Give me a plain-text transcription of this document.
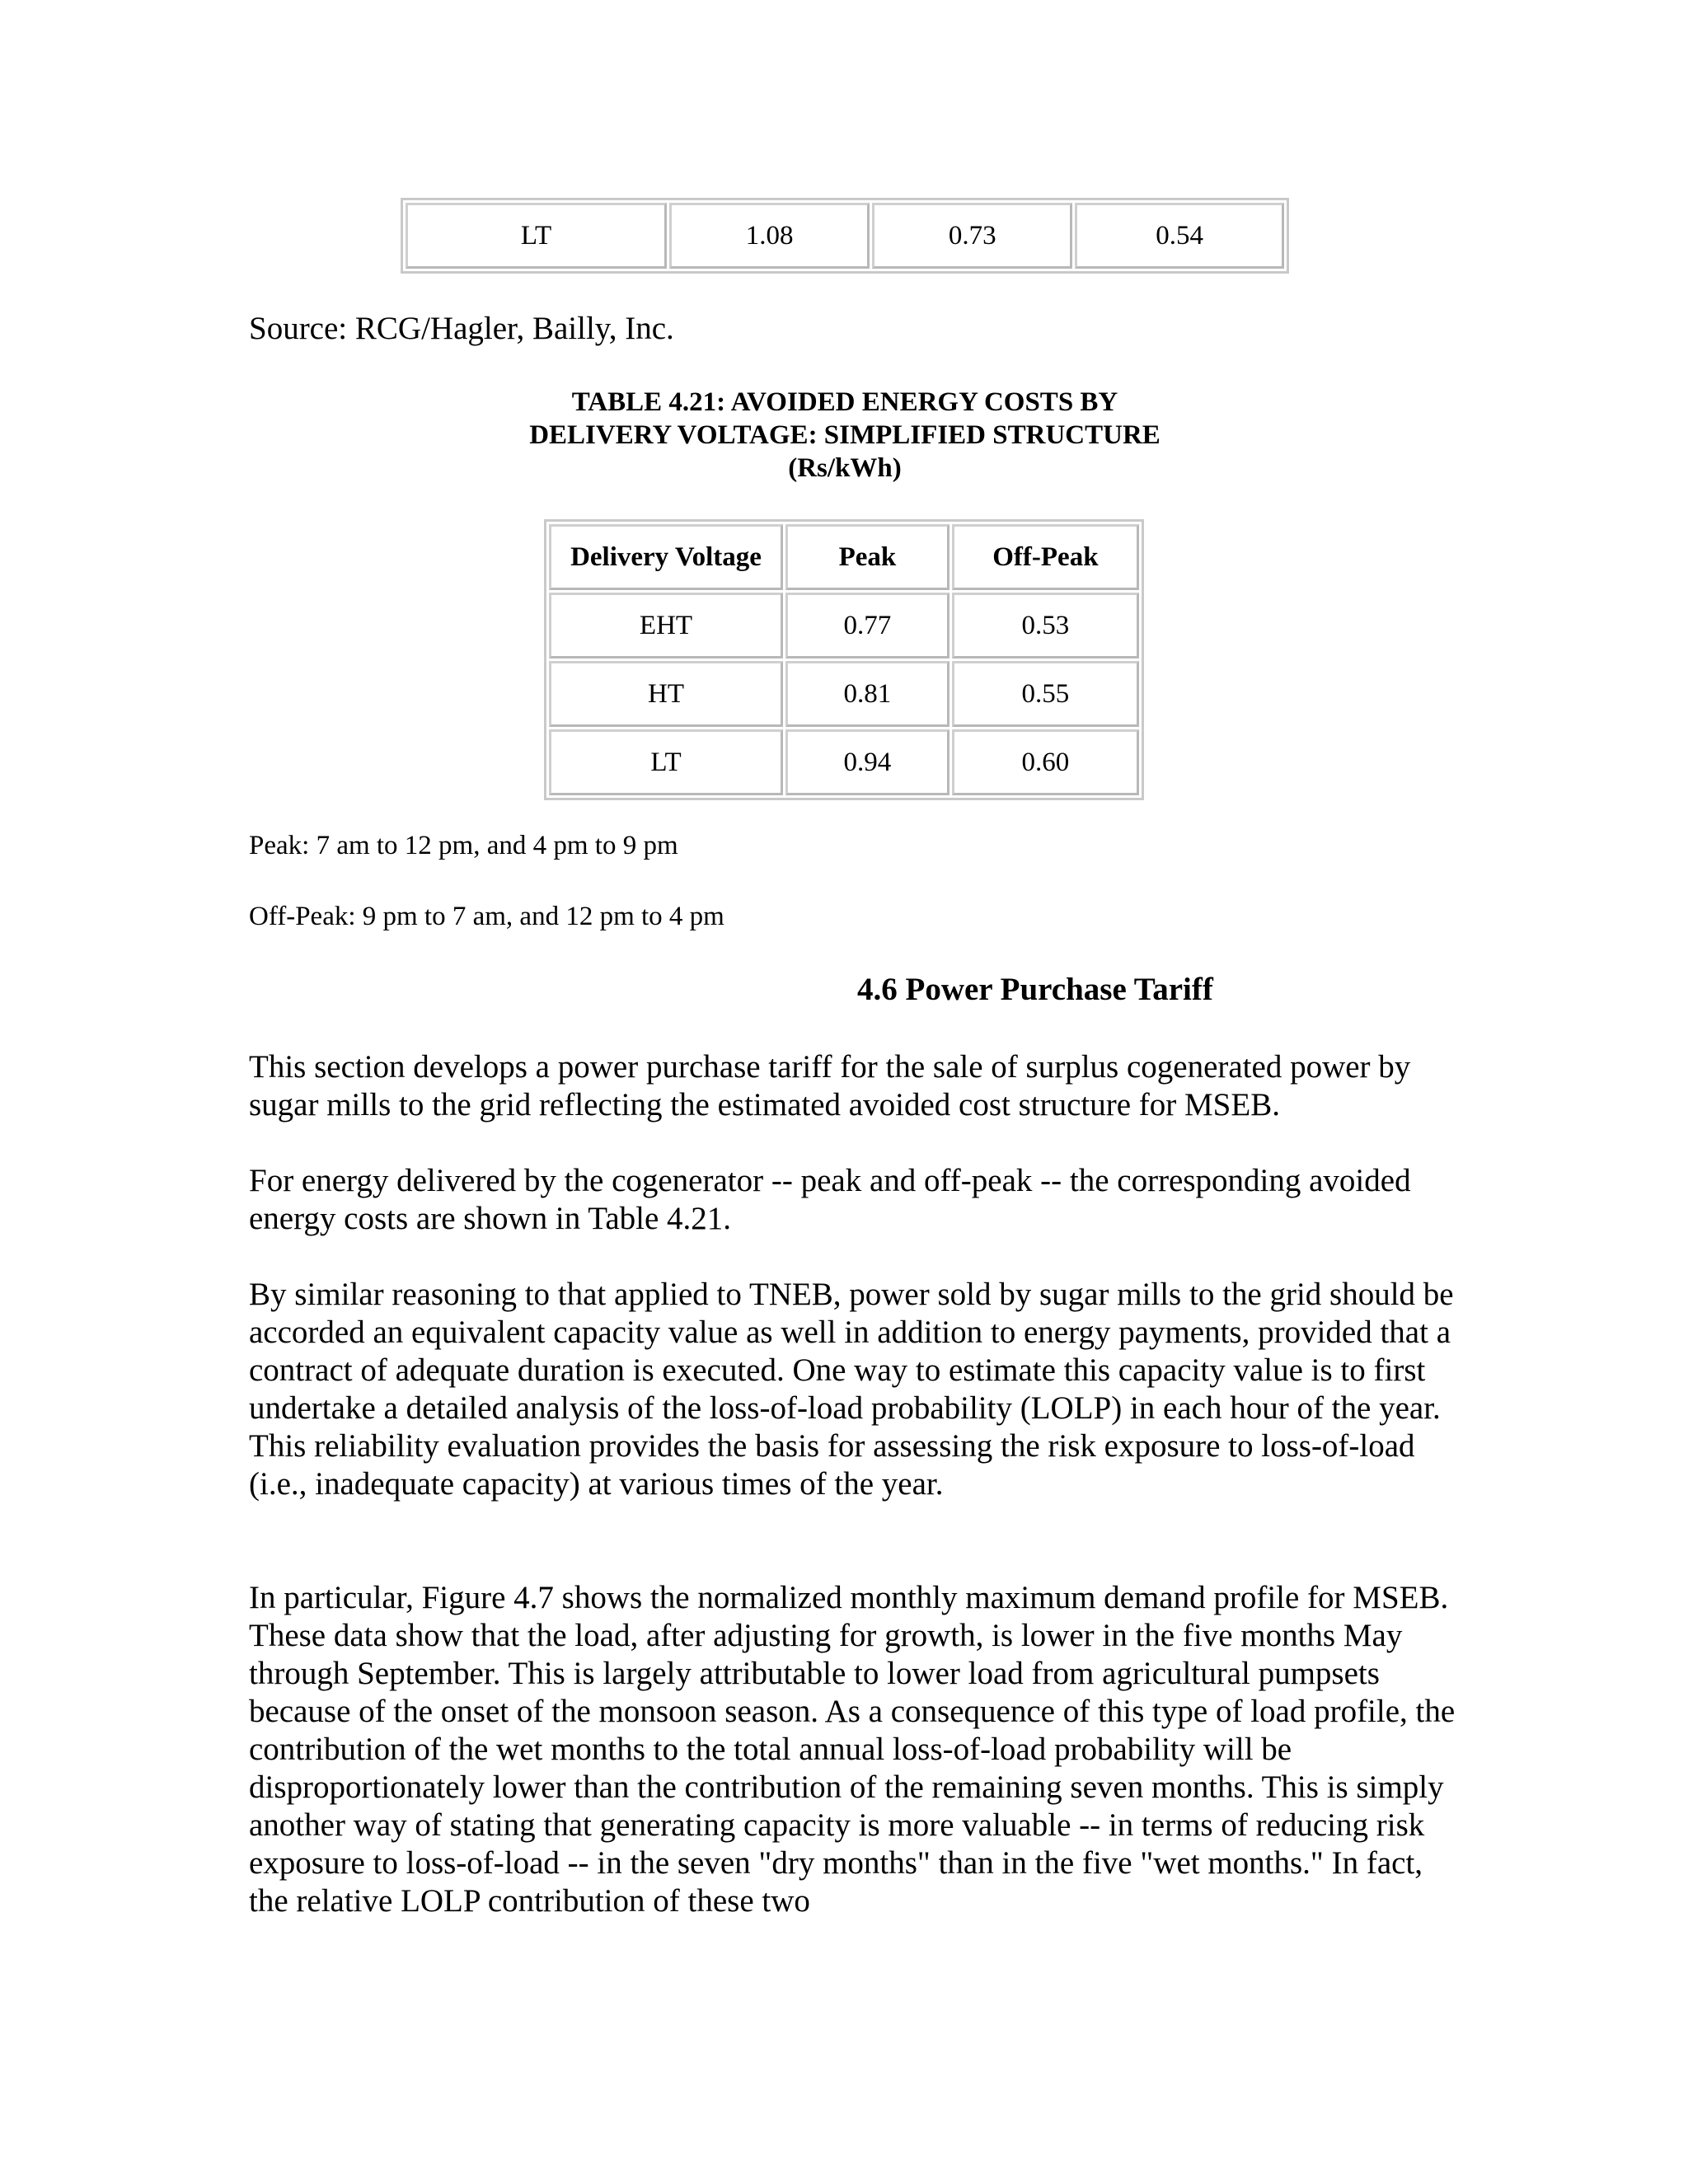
LT	1.08	0.73	0.54
Source: RCG/Hagler, Bailly, Inc.
TABLE 4.21: AVOIDED ENERGY COSTS BY
DELIVERY VOLTAGE: SIMPLIFIED STRUCTURE
(Rs/kWh)
Delivery Voltage	Peak	Off-Peak
EHT	0.77	0.53
HT	0.81	0.55
LT	0.94	0.60
Peak: 7 am to 12 pm, and 4 pm to 9 pm
Off-Peak: 9 pm to 7 am, and 12 pm to 4 pm
4.6 Power Purchase Tariff

This section develops a power purchase tariff for the sale of surplus cogenerated power by sugar mills to the grid reflecting the estimated avoided cost structure for MSEB.

For energy delivered by the cogenerator -- peak and off-peak -- the corresponding avoided energy costs are shown in Table 4.21.

By similar reasoning to that applied to TNEB, power sold by sugar mills to the grid should be accorded an equivalent capacity value as well in addition to energy payments, provided that a contract of adequate duration is executed. One way to estimate this capacity value is to first undertake a detailed analysis of the loss-of-load probability (LOLP) in each hour of the year. This reliability evaluation provides the basis for assessing the risk exposure to loss-of-load (i.e., inadequate capacity) at various times of the year.

In particular, Figure 4.7 shows the normalized monthly maximum demand profile for MSEB. These data show that the load, after adjusting for growth, is lower in the five months May through September. This is largely attributable to lower load from agricultural pumpsets because of the onset of the monsoon season. As a consequence of this type of load profile, the contribution of the wet months to the total annual loss-of-load probability will be disproportionately lower than the contribution of the remaining seven months. This is simply another way of stating that generating capacity is more valuable -- in terms of reducing risk exposure to loss-of-load -- in the seven "dry months" than in the five "wet months." In fact, the relative LOLP contribution of these two
